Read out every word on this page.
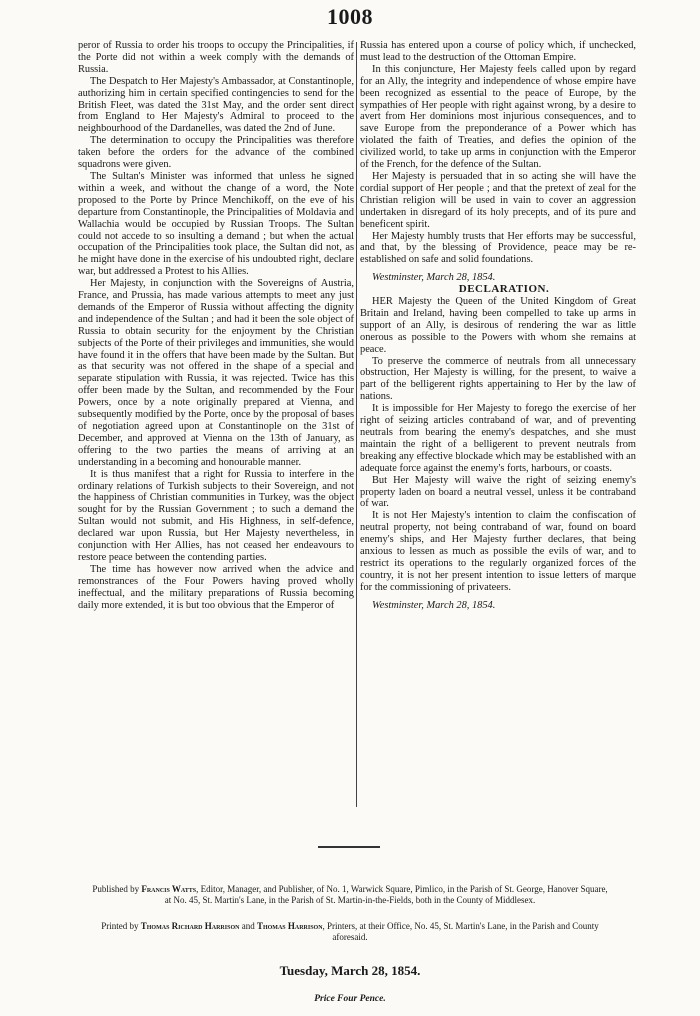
1008

peror of Russia to order his troops to occupy the Principalities, if the Porte did not within a week comply with the demands of Russia.

The Despatch to Her Majesty's Ambassador, at Constantinople, authorizing him in certain specified contingencies to send for the British Fleet, was dated the 31st May, and the order sent direct from England to Her Majesty's Admiral to proceed to the neighbourhood of the Dardanelles, was dated the 2nd of June.

The determination to occupy the Principalities was therefore taken before the orders for the advance of the combined squadrons were given.

The Sultan's Minister was informed that unless he signed within a week, and without the change of a word, the Note proposed to the Porte by Prince Menchikoff, on the eve of his departure from Constantinople, the Principalities of Moldavia and Wallachia would be occupied by Russian Troops. The Sultan could not accede to so insulting a demand ; but when the actual occupation of the Principalities took place, the Sultan did not, as he might have done in the exercise of his undoubted right, declare war, but addressed a Protest to his Allies.

Her Majesty, in conjunction with the Sovereigns of Austria, France, and Prussia, has made various attempts to meet any just demands of the Emperor of Russia without affecting the dignity and independence of the Sultan ; and had it been the sole object of Russia to obtain security for the enjoyment by the Christian subjects of the Porte of their privileges and immunities, she would have found it in the offers that have been made by the Sultan. But as that security was not offered in the shape of a special and separate stipulation with Russia, it was rejected. Twice has this offer been made by the Sultan, and recommended by the Four Powers, once by a note originally prepared at Vienna, and subsequently modified by the Porte, once by the proposal of bases of negotiation agreed upon at Constantinople on the 31st of December, and approved at Vienna on the 13th of January, as offering to the two parties the means of arriving at an understanding in a becoming and honourable manner.

It is thus manifest that a right for Russia to interfere in the ordinary relations of Turkish subjects to their Sovereign, and not the happiness of Christian communities in Turkey, was the object sought for by the Russian Government ; to such a demand the Sultan would not submit, and His Highness, in self-defence, declared war upon Russia, but Her Majesty nevertheless, in conjunction with Her Allies, has not ceased her endeavours to restore peace between the contending parties.

The time has however now arrived when the advice and remonstrances of the Four Powers having proved wholly ineffectual, and the military preparations of Russia becoming daily more extended, it is but too obvious that the Emperor of

Russia has entered upon a course of policy which, if unchecked, must lead to the destruction of the Ottoman Empire.

In this conjuncture, Her Majesty feels called upon by regard for an Ally, the integrity and independence of whose empire have been recognized as essential to the peace of Europe, by the sympathies of Her people with right against wrong, by a desire to avert from Her dominions most injurious consequences, and to save Europe from the preponderance of a Power which has violated the faith of Treaties, and defies the opinion of the civilized world, to take up arms in conjunction with the Emperor of the French, for the defence of the Sultan.

Her Majesty is persuaded that in so acting she will have the cordial support of Her people ; and that the pretext of zeal for the Christian religion will be used in vain to cover an aggression undertaken in disregard of its holy precepts, and of its pure and beneficent spirit.

Her Majesty humbly trusts that Her efforts may be successful, and that, by the blessing of Providence, peace may be re-established on safe and solid foundations.

Westminster, March 28, 1854.

DECLARATION.

HER Majesty the Queen of the United Kingdom of Great Britain and Ireland, having been compelled to take up arms in support of an Ally, is desirous of rendering the war as little onerous as possible to the Powers with whom she remains at peace.

To preserve the commerce of neutrals from all unnecessary obstruction, Her Majesty is willing, for the present, to waive a part of the belligerent rights appertaining to Her by the law of nations.

It is impossible for Her Majesty to forego the exercise of her right of seizing articles contraband of war, and of preventing neutrals from bearing the enemy's despatches, and she must maintain the right of a belligerent to prevent neutrals from breaking any effective blockade which may be established with an adequate force against the enemy's forts, harbours, or coasts.

But Her Majesty will waive the right of seizing enemy's property laden on board a neutral vessel, unless it be contraband of war.

It is not Her Majesty's intention to claim the confiscation of neutral property, not being contraband of war, found on board enemy's ships, and Her Majesty further declares, that being anxious to lessen as much as possible the evils of war, and to restrict its operations to the regularly organized forces of the country, it is not her present intention to issue letters of marque for the commissioning of privateers.

Westminster, March 28, 1854.

Published by Francis Watts, Editor, Manager, and Publisher, of No. 1, Warwick Square, Pimlico, in the Parish of St. George, Hanover Square, at No. 45, St. Martin's Lane, in the Parish of St. Martin-in-the-Fields, both in the County of Middlesex.
Printed by Thomas Richard Harrison and Thomas Harrison, Printers, at their Office, No. 45, St. Martin's Lane, in the Parish and County aforesaid.
Tuesday, March 28, 1854.
Price Four Pence.
